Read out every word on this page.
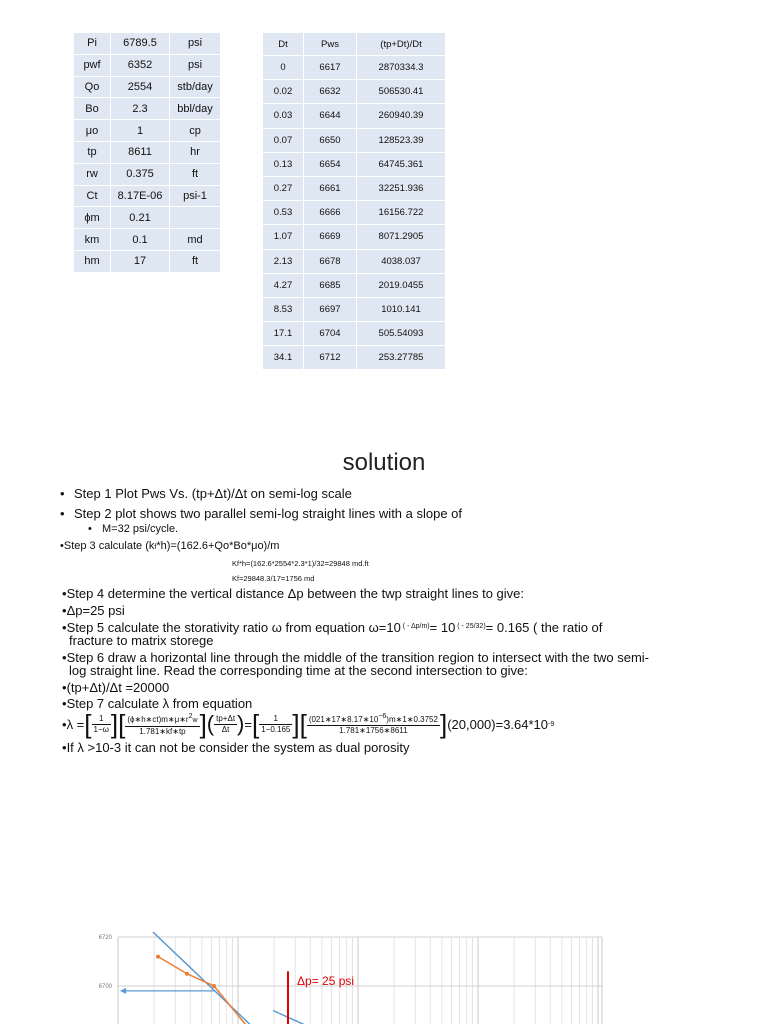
Pi	6789.5	psi
pwf	6352	psi
Qo	2554	stb/day
Bo	2.3	bbl/day
μo	1	cp
tp	8611	hr
rw	0.375	ft
Ct	8.17E-06	psi-1
ϕm	0.21	
km	0.1	md
hm	17	ft
Dt	Pws	(tp+Dt)/Dt
0	6617	2870334.3
0.02	6632	506530.41
0.03	6644	260940.39
0.07	6650	128523.39
0.13	6654	64745.361
0.27	6661	32251.936
0.53	6666	16156.722
1.07	6669	8071.2905
2.13	6678	4038.037
4.27	6685	2019.0455
8.53	6697	1010.141
17.1	6704	505.54093
34.1	6712	253.27785
solution
• Step 1 Plot Pws Vs. (tp+Δt)/Δt on semi-log scale
• Step 2 plot shows two parallel semi-log straight lines with a slope of
• M=32 psi/cycle.
•Step 3 calculate (kf*h)=(162.6+Qo*Bo*μo)/m
Kf*h=(162.6*2554*2.3*1)/32=29848 md.ft
Kf=29848.3/17=1756 md
•Step 4 determine the vertical distance Δp between the twp straight lines to give:
•Δp=25 psi
•Step 5 calculate the storativity ratio ω from equation ω=10 $^{( - \Delta p/m)}$= 10 $^{( - 25/32)}$= 0.165 ( the ratio of
fracture to matrix storege
•Step 6 draw a horizontal line through the middle of the transition region to intersect with the two semi-
log straight line. Read the corresponding time at the second intersection to give:
•(tp+Δt)/Δt =20000
•Step 7 calculate λ from equation
• λ = [ $\frac{1}{1-\omega}$ ] [ $\frac{(\phi∗h∗ct)m∗\mu∗r^2w}{1.781∗kf∗tp}$ ] ( $\frac{tp+\Delta t}{\Delta t}$ ) = [ $\frac{1}{1-0.165}$ ] [ $\frac{(021∗17∗8.17∗10^{-6})m∗1∗0.3752}{1.781∗1756∗8611}$ ] (20,000)=3.64*10 -9
•If λ >10-3 it can not be consider the system as dual porosity
6720
6700	Δp= 25 psi
